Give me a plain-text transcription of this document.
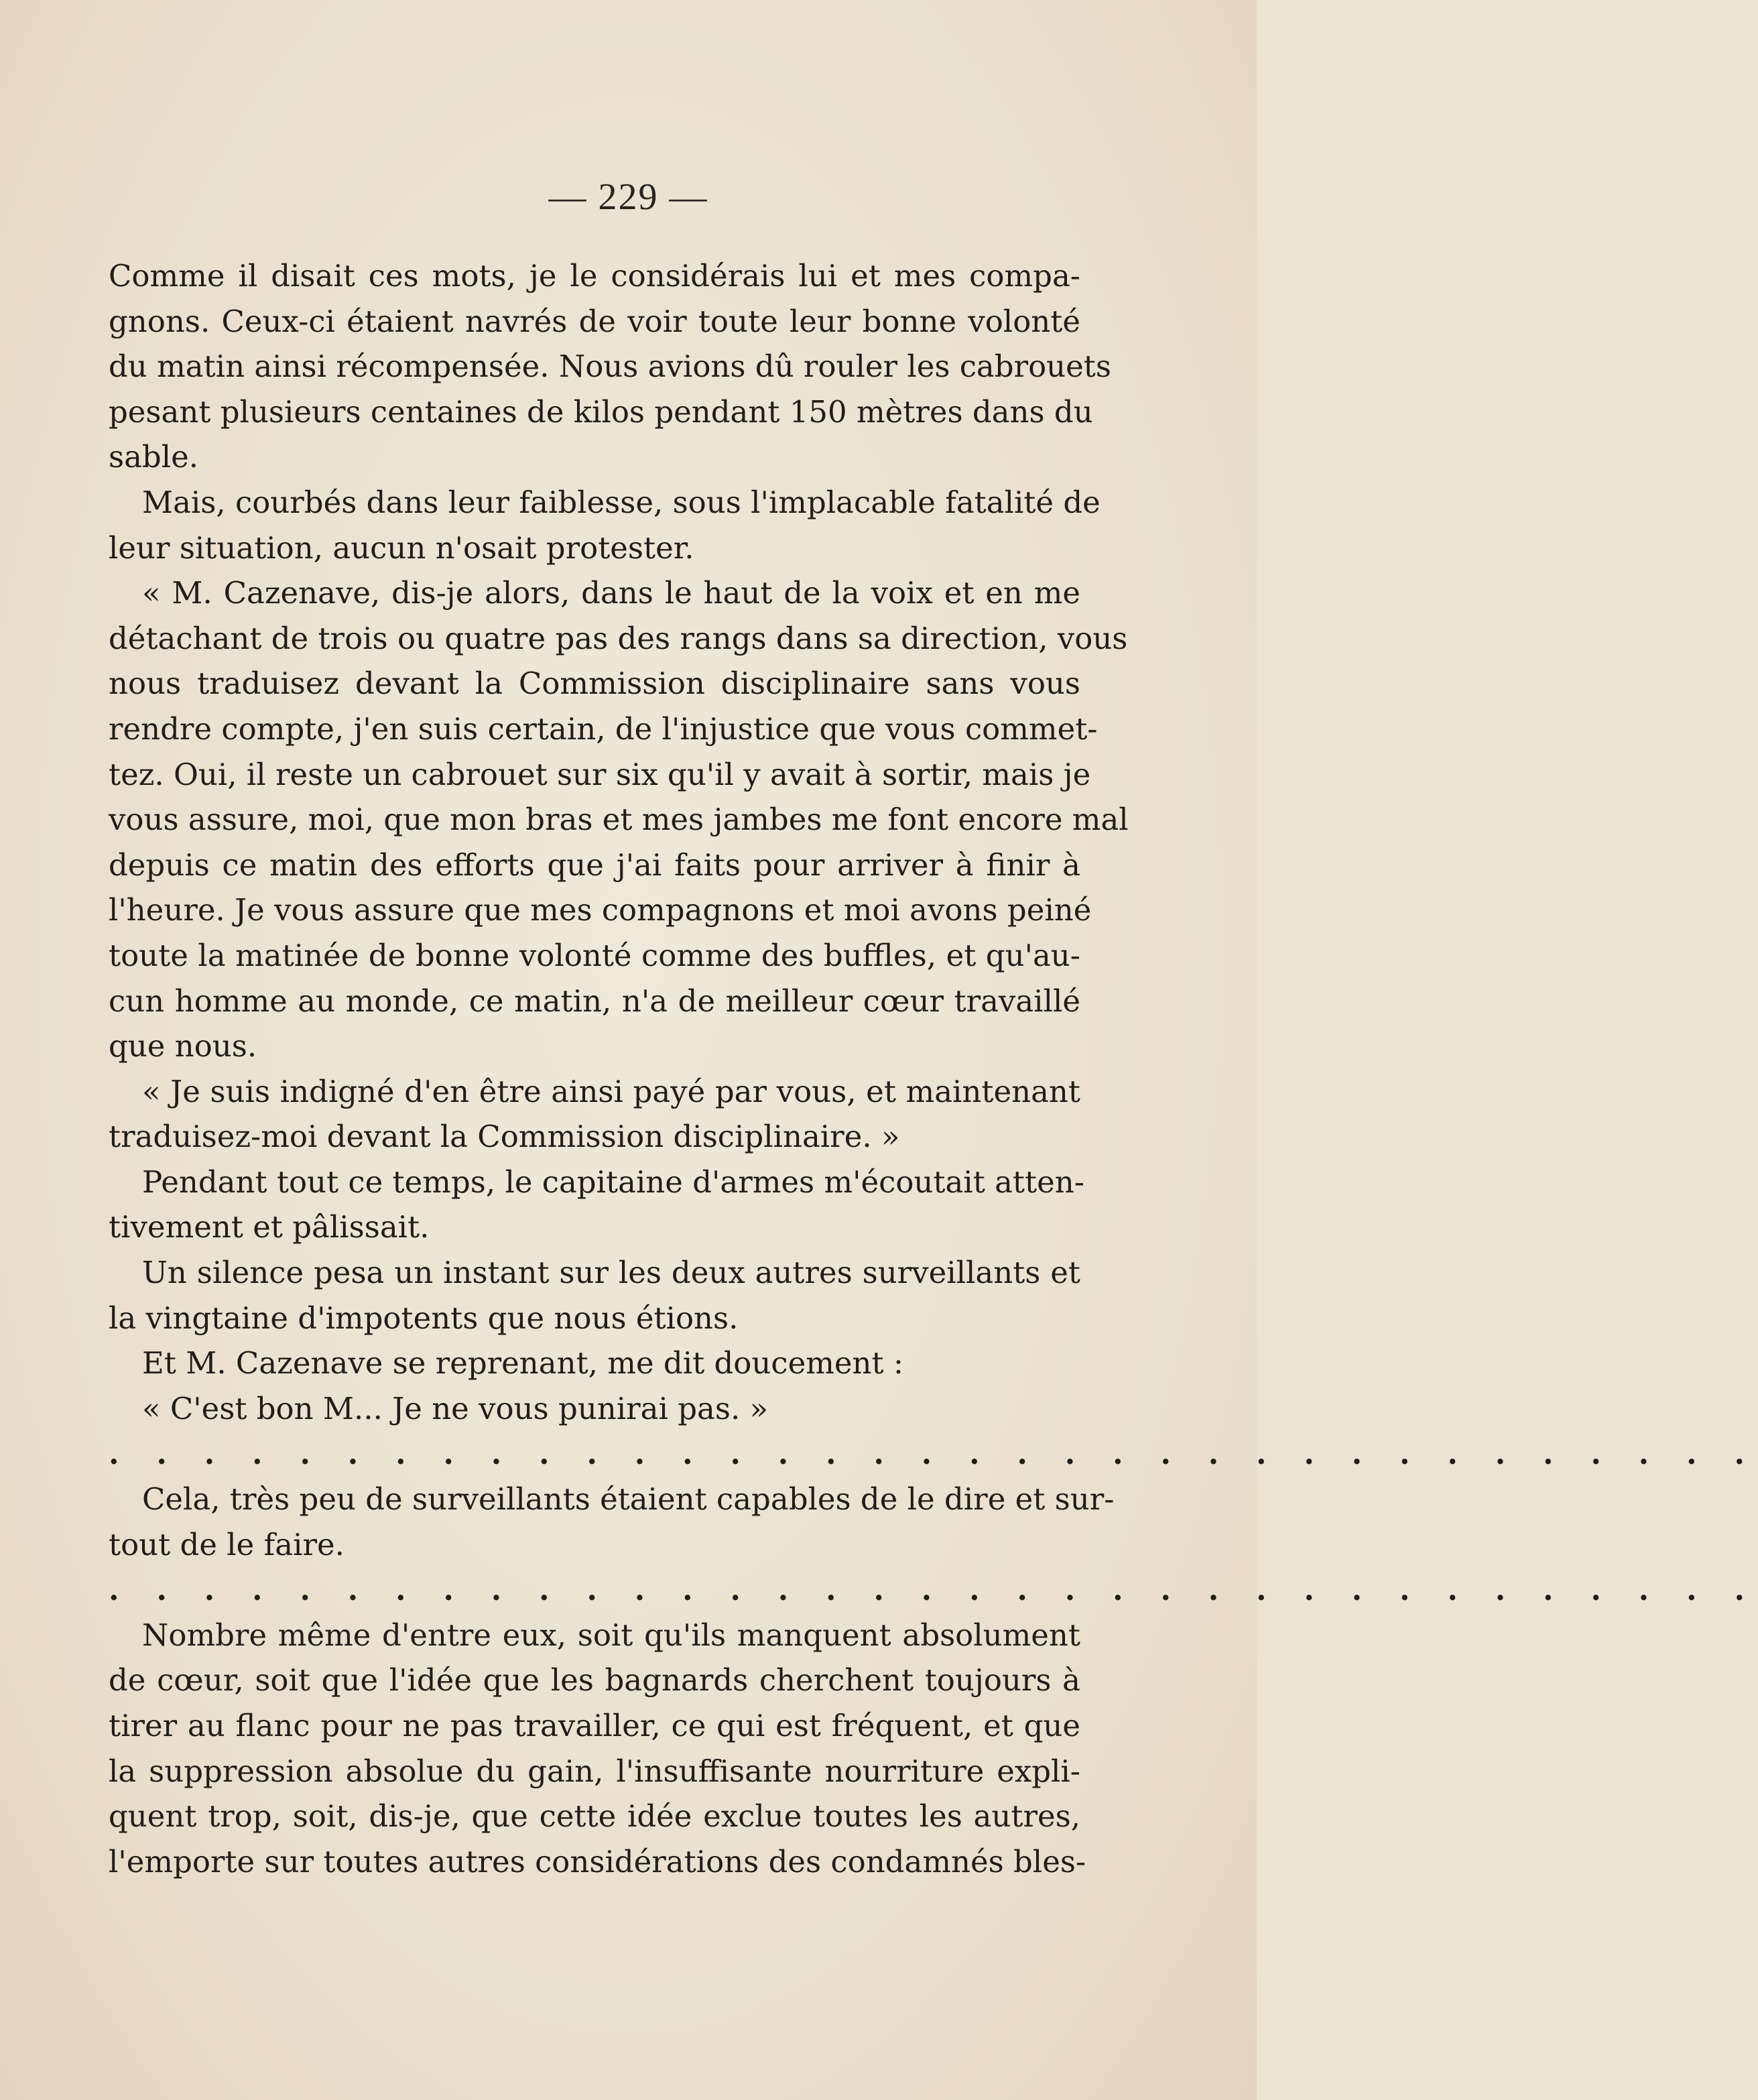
— 229 —
Comme il disait ces mots, je le considérais lui et mes compa-
gnons. Ceux-ci étaient navrés de voir toute leur bonne volonté
du matin ainsi récompensée. Nous avions dû rouler les cabrouets
pesant plusieurs centaines de kilos pendant 150 mètres dans du
sable.
Mais, courbés dans leur faiblesse, sous l'implacable fatalité de
leur situation, aucun n'osait protester.
« M. Cazenave, dis-je alors, dans le haut de la voix et en me
détachant de trois ou quatre pas des rangs dans sa direction, vous
nous traduisez devant la Commission disciplinaire sans vous
rendre compte, j'en suis certain, de l'injustice que vous commet-
tez. Oui, il reste un cabrouet sur six qu'il y avait à sortir, mais je
vous assure, moi, que mon bras et mes jambes me font encore mal
depuis ce matin des efforts que j'ai faits pour arriver à finir à
l'heure. Je vous assure que mes compagnons et moi avons peiné
toute la matinée de bonne volonté comme des buffles, et qu'au-
cun homme au monde, ce matin, n'a de meilleur cœur travaillé
que nous.
« Je suis indigné d'en être ainsi payé par vous, et maintenant
traduisez-moi devant la Commission disciplinaire. »
Pendant tout ce temps, le capitaine d'armes m'écoutait atten-
tivement et pâlissait.
Un silence pesa un instant sur les deux autres surveillants et
la vingtaine d'impotents que nous étions.
Et M. Cazenave se reprenant, me dit doucement :
« C'est bon M... Je ne vous punirai pas. »
. . . . . . . . . . . . . . . . . . . . . . . . . . . . . . . . . . .
Cela, très peu de surveillants étaient capables de le dire et sur-
tout de le faire.
. . . . . . . . . . . . . . . . . . . . . . . . . . . . . . . . . . .
Nombre même d'entre eux, soit qu'ils manquent absolument
de cœur, soit que l'idée que les bagnards cherchent toujours à
tirer au flanc pour ne pas travailler, ce qui est fréquent, et que
la suppression absolue du gain, l'insuffisante nourriture expli-
quent trop, soit, dis-je, que cette idée exclue toutes les autres,
l'emporte sur toutes autres considérations des condamnés bles-
